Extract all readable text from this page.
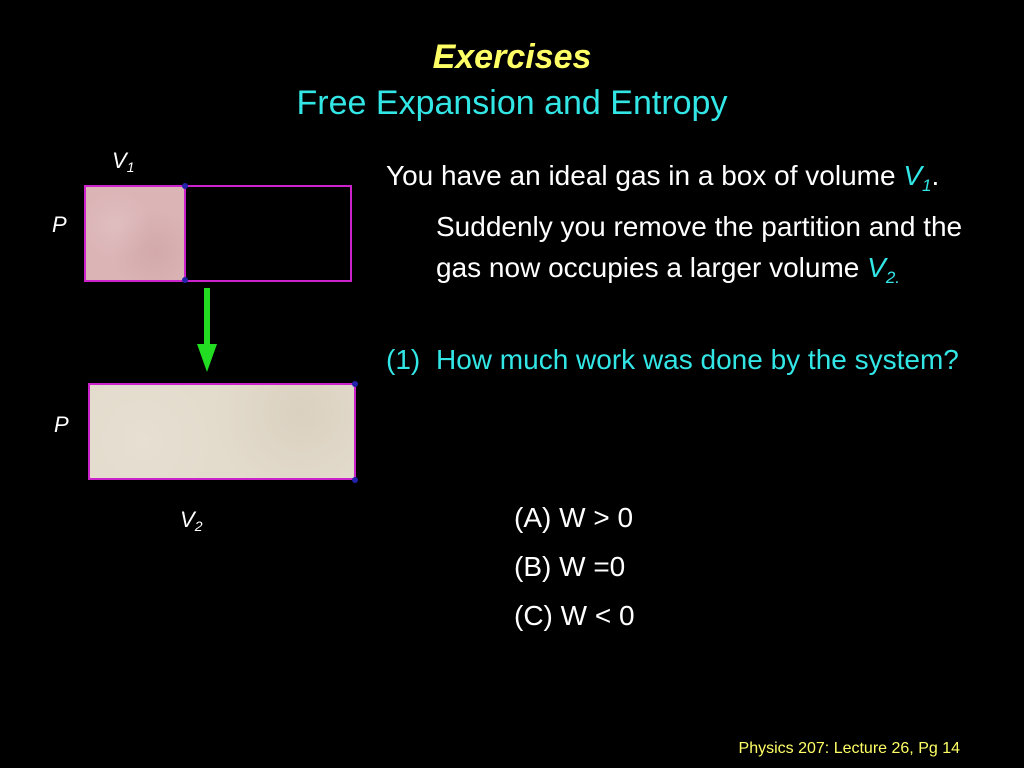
Exercises
Free Expansion and Entropy
$V_1$
P
P
$V_2$

You have an ideal gas in a box of volume $V_1$. Suddenly you remove the partition and the gas now occupies a larger volume $V_{2.}$

(1) How much work was done by the system?
(A) W > 0
(B) W =0
(C) W < 0
Physics 207: Lecture 26, Pg 14
